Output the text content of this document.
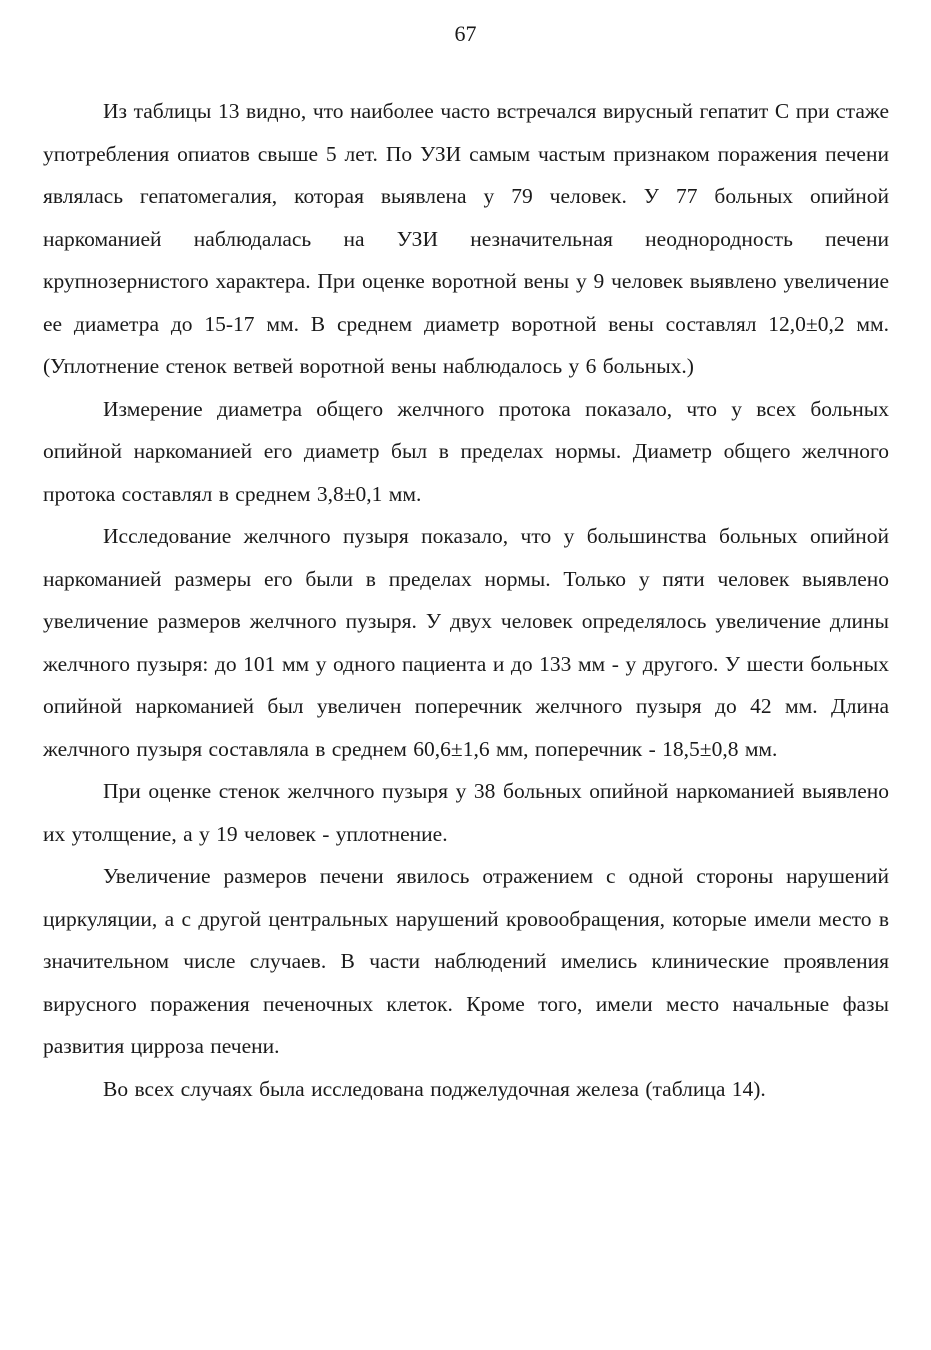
67

Из таблицы 13 видно, что наиболее часто встречался вирусный гепатит С при стаже употребления опиатов свыше 5 лет. По УЗИ самым частым признаком поражения печени являлась гепатомегалия, которая выявлена у 79 человек. У 77 больных опийной наркоманией наблюдалась на УЗИ незначительная неоднородность печени крупнозернистого характера. При оценке воротной вены у 9 человек выявлено увеличение ее диаметра до 15-17 мм. В среднем диаметр воротной вены составлял 12,0±0,2 мм. (Уплотнение стенок ветвей воротной вены наблюдалось у 6 больных.)

Измерение диаметра общего желчного протока показало, что у всех больных опийной наркоманией его диаметр был в пределах нормы. Диаметр общего желчного протока составлял в среднем 3,8±0,1 мм.

Исследование желчного пузыря показало, что у большинства больных опийной наркоманией размеры его были в пределах нормы. Только у пяти человек выявлено увеличение размеров желчного пузыря. У двух человек определялось увеличение длины желчного пузыря: до 101 мм у одного пациента и до 133 мм - у другого. У шести больных опийной наркоманией был увеличен поперечник желчного пузыря до 42 мм. Длина желчного пузыря составляла в среднем 60,6±1,6 мм, поперечник - 18,5±0,8 мм.

При оценке стенок желчного пузыря у 38 больных опийной наркоманией выявлено их утолщение, а у 19 человек - уплотнение.

Увеличение размеров печени явилось отражением с одной стороны нарушений циркуляции, а с другой центральных нарушений кровообращения, которые имели место в значительном числе случаев. В части наблюдений имелись клинические проявления вирусного поражения печеночных клеток. Кроме того, имели место начальные фазы развития цирроза печени.

Во всех случаях была исследована поджелудочная железа (таблица 14).
